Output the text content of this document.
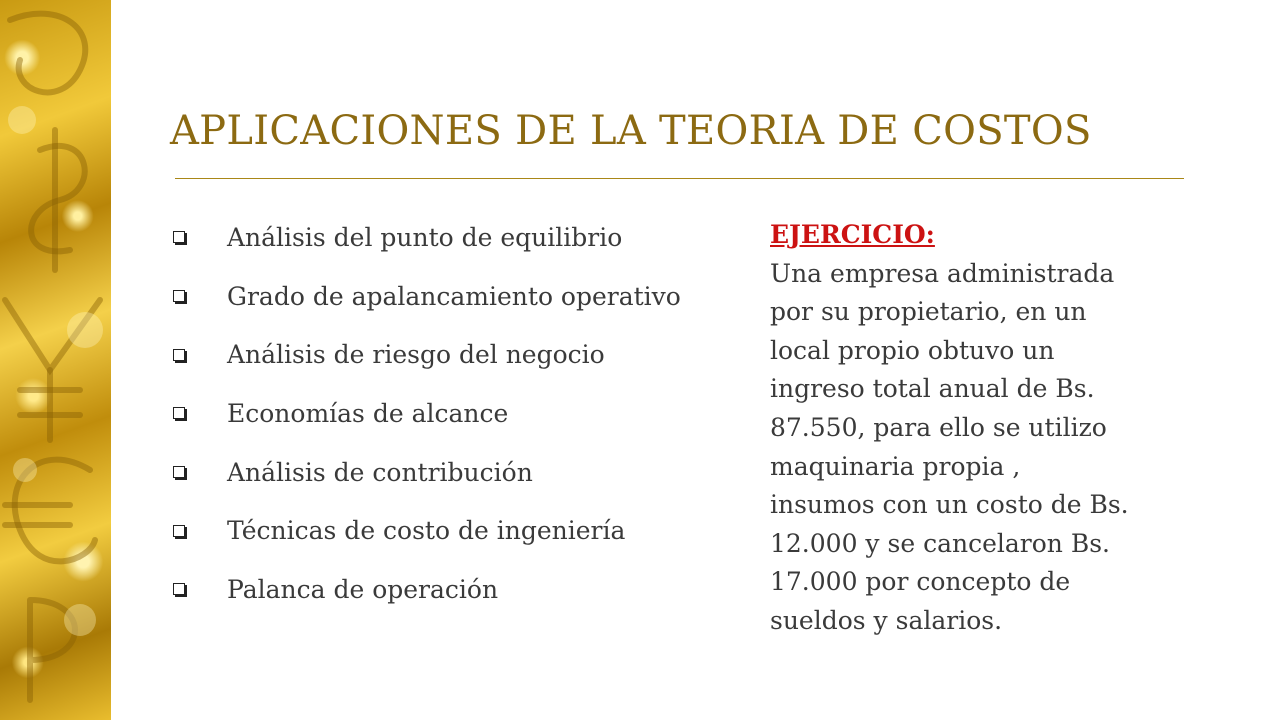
APLICACIONES DE LA TEORIA DE COSTOS
Análisis del punto de equilibrio
Grado de apalancamiento operativo
Análisis de riesgo del negocio
Economías de alcance
Análisis de contribución
Técnicas de costo de ingeniería
Palanca de operación
EJERCICIO:
Una empresa administrada
por su propietario, en un
local propio obtuvo un
ingreso total anual de Bs.
87.550, para ello se utilizo
maquinaria propia ,
insumos con un costo de Bs.
12.000 y se cancelaron Bs.
17.000 por concepto de
sueldos y salarios.
